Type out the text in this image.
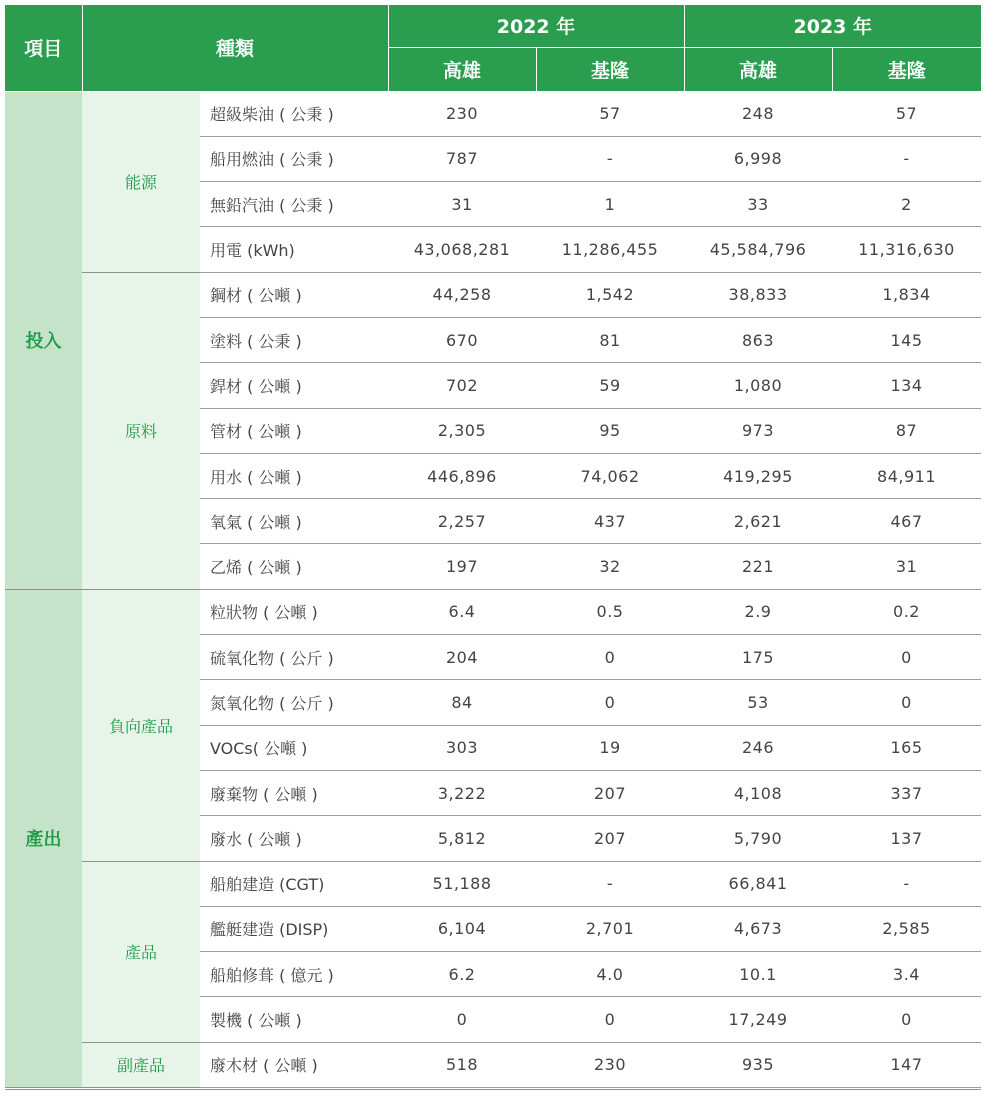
項目	種類		2022 年		2023 年	
			高雄	基隆	高雄	基隆
投入	能源	超級柴油 ( 公秉 )	230	57	248	57
		船用燃油 ( 公秉 )	787	-	6,998	-
		無鉛汽油 ( 公秉 )	31	1	33	2
		用電 (kWh)	43,068,281	11,286,455	45,584,796	11,316,630
	原料	鋼材 ( 公噸 )	44,258	1,542	38,833	1,834
		塗料 ( 公秉 )	670	81	863	145
		銲材 ( 公噸 )	702	59	1,080	134
		管材 ( 公噸 )	2,305	95	973	87
		用水 ( 公噸 )	446,896	74,062	419,295	84,911
		氧氣 ( 公噸 )	2,257	437	2,621	467
		乙烯 ( 公噸 )	197	32	221	31
產出	負向產品	粒狀物 ( 公噸 )	6.4	0.5	2.9	0.2
		硫氧化物 ( 公斤 )	204	0	175	0
		氮氧化物 ( 公斤 )	84	0	53	0
		VOCs( 公噸 )	303	19	246	165
		廢棄物 ( 公噸 )	3,222	207	4,108	337
		廢水 ( 公噸 )	5,812	207	5,790	137
	產品	船舶建造 (CGT)	51,188	-	66,841	-
		艦艇建造 (DISP)	6,104	2,701	4,673	2,585
		船舶修葺 ( 億元 )	6.2	4.0	10.1	3.4
		製機 ( 公噸 )	0	0	17,249	0
	副產品	廢木材 ( 公噸 )	518	230	935	147
